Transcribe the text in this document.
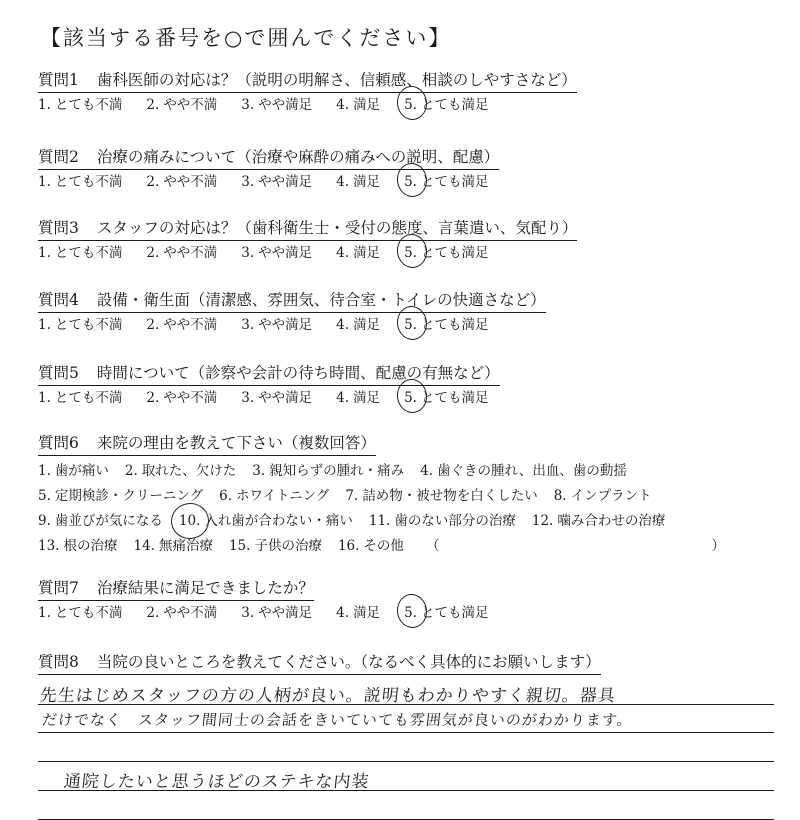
【該当する番号を○で囲んでください】
質問1 歯科医師の対応は？（説明の明解さ、信頼感、相談のしやすさなど）
1. とても不満 2. やや不満 3. やや満足 4. 満足 5. とても満足
質問2 治療の痛みについて（治療や麻酔の痛みへの説明、配慮）
1. とても不満 2. やや不満 3. やや満足 4. 満足 5. とても満足
質問3 スタッフの対応は？（歯科衛生士・受付の態度、言葉遣い、気配り）
1. とても不満 2. やや不満 3. やや満足 4. 満足 5. とても満足
質問4 設備・衛生面（清潔感、雰囲気、待合室・トイレの快適さなど）
1. とても不満 2. やや不満 3. やや満足 4. 満足 5. とても満足
質問5 時間について（診察や会計の待ち時間、配慮の有無など）
1. とても不満 2. やや不満 3. やや満足 4. 満足 5. とても満足
質問6 来院の理由を教えて下さい（複数回答）
1. 歯が痛い 2. 取れた、欠けた 3. 親知らずの腫れ・痛み 4. 歯ぐきの腫れ、出血、歯の動揺
5. 定期検診・クリーニング 6. ホワイトニング 7. 詰め物・被せ物を白くしたい 8. インプラント
9. 歯並びが気になる 10. 入れ歯が合わない・痛い 11. 歯のない部分の治療 12. 噛み合わせの治療
13. 根の治療 14. 無痛治療 15. 子供の治療 16. その他 （	）
質問7 治療結果に満足できましたか？
1. とても不満 2. やや不満 3. やや満足 4. 満足 5. とても満足
質問8 当院の良いところを教えてください。（なるべく具体的にお願いします）
先生はじめスタッフの方の人柄が良い。説明もわかりやすく親切。器具
だけでなく　スタッフ間同士の会話をきいていても雰囲気が良いのがわかります。
通院したいと思うほどのステキな内装
